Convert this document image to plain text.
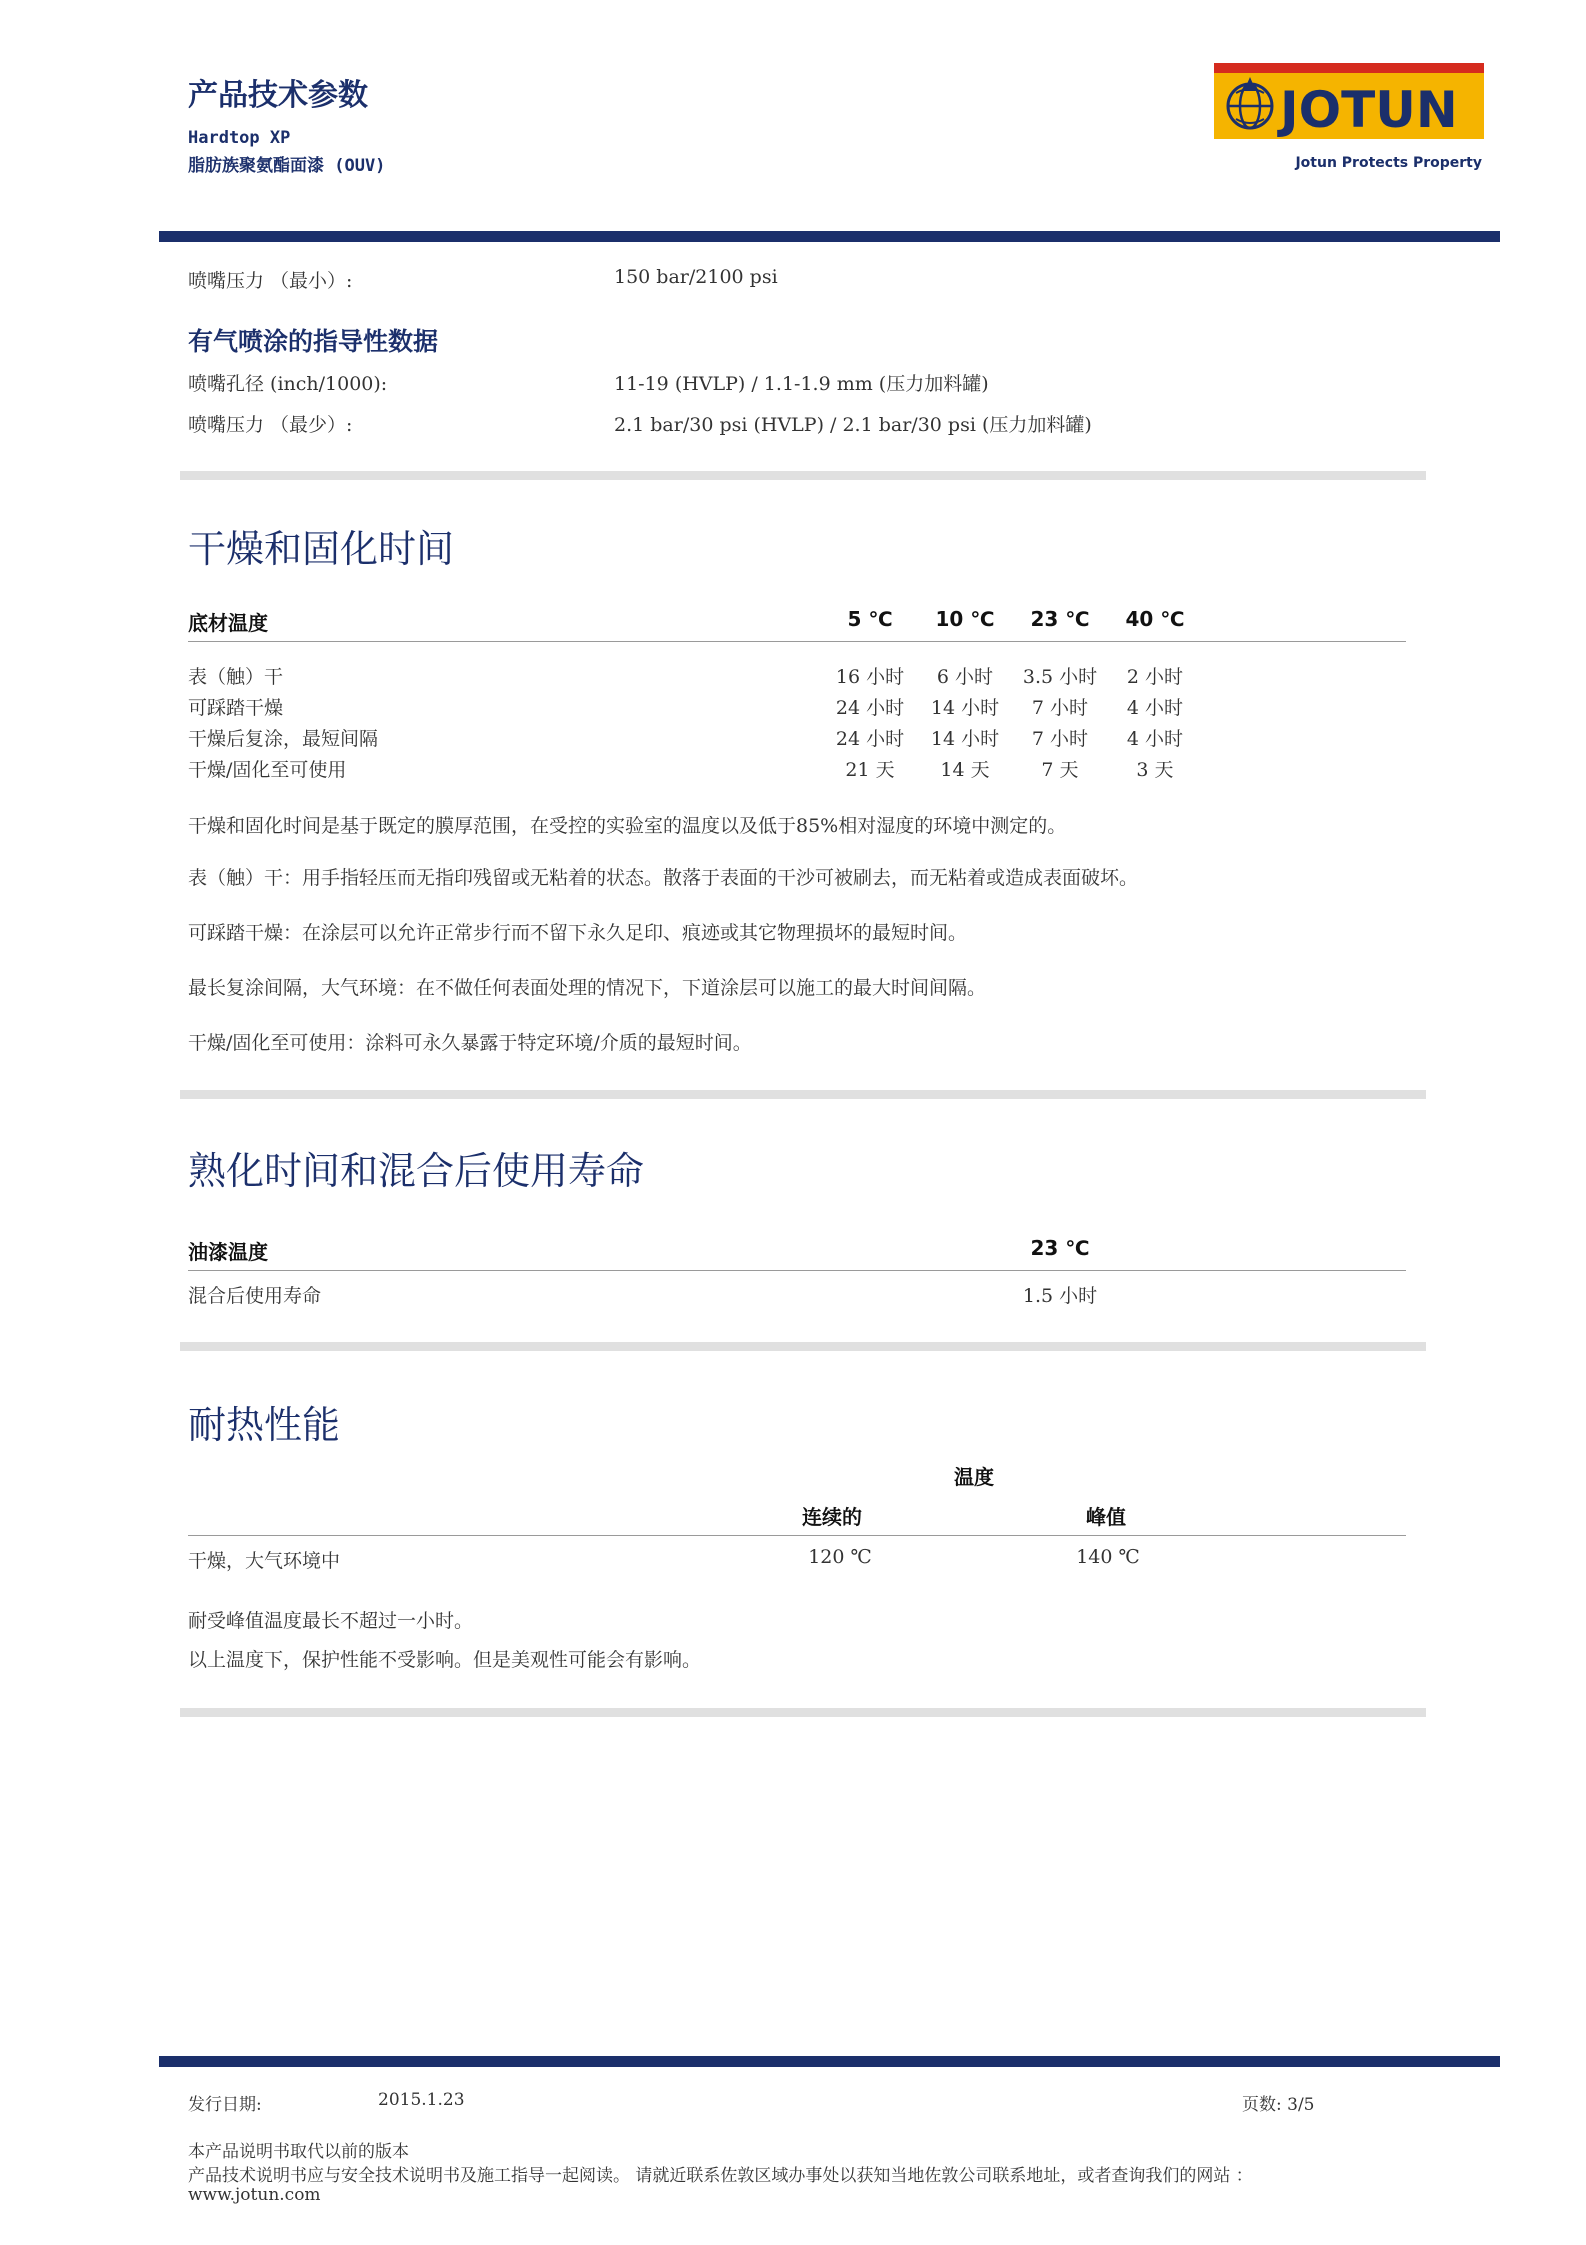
产品技术参数
Hardtop XP
脂肪族聚氨酯面漆 (OUV)
JOTUN
Jotun Protects Property
喷嘴压力 （最小）:	150 bar/2100 psi
有气喷涂的指导性数据
喷嘴孔径 (inch/1000):	11-19 (HVLP) / 1.1-1.9 mm (压力加料罐)
喷嘴压力 （最少）:	2.1 bar/30 psi (HVLP) / 2.1 bar/30 psi (压力加料罐)
干燥和固化时间
底材温度	5 ℃	10 ℃	23 ℃	40 ℃
表（触）干	16 小时	6 小时	3.5 小时	2 小时
可踩踏干燥	24 小时	14 小时	7 小时	4 小时
干燥后复涂，最短间隔	24 小时	14 小时	7 小时	4 小时
干燥/固化至可使用	21 天	14 天	7 天	3 天
干燥和固化时间是基于既定的膜厚范围，在受控的实验室的温度以及低于85%相对湿度的环境中测定的。
表（触）干：用手指轻压而无指印残留或无粘着的状态。散落于表面的干沙可被刷去，而无粘着或造成表面破坏。
可踩踏干燥：在涂层可以允许正常步行而不留下永久足印、痕迹或其它物理损坏的最短时间。
最长复涂间隔，大气环境：在不做任何表面处理的情况下，下道涂层可以施工的最大时间间隔。
干燥/固化至可使用：涂料可永久暴露于特定环境/介质的最短时间。
熟化时间和混合后使用寿命
油漆温度	23 ℃
混合后使用寿命	1.5 小时
耐热性能
温度
连续的	峰值
干燥，大气环境中	120 ℃	140 ℃
耐受峰值温度最长不超过一小时。
以上温度下，保护性能不受影响。但是美观性可能会有影响。
发行日期:	2015.1.23	页数: 3/5
本产品说明书取代以前的版本
产品技术说明书应与安全技术说明书及施工指导一起阅读。 请就近联系佐敦区域办事处以获知当地佐敦公司联系地址，或者查询我们的网站 ：
www.jotun.com
